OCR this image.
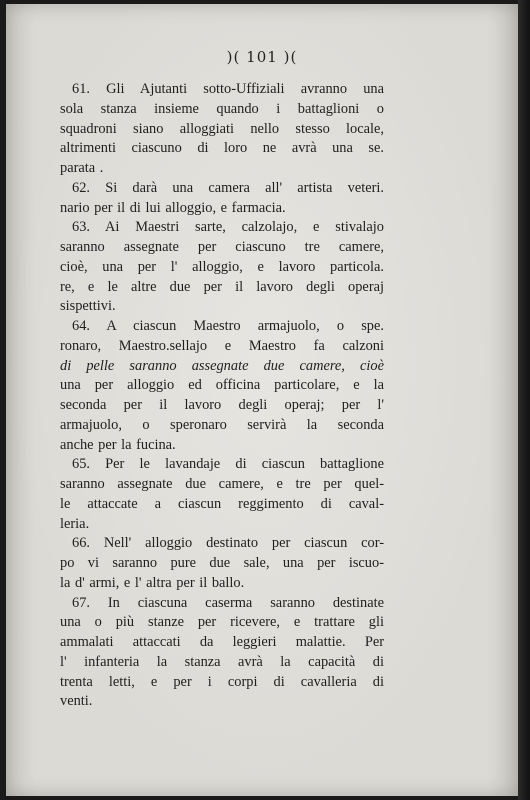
)( 101 )(
61. Gli Ajutanti sotto-Uffiziali avranno una
sola stanza insieme quando i battaglioni o
squadroni siano alloggiati nello stesso locale,
altrimenti ciascuno di loro ne avrà una se.
parata .
62. Si darà una camera all' artista veteri.
nario per il di lui alloggio, e farmacia.
63. Ai Maestri sarte, calzolajo, e stivalajo
saranno assegnate per ciascuno tre camere,
cioè, una per l' alloggio, e lavoro particola.
re, e le altre due per il lavoro degli operaj
sispettivi.
64. A ciascun Maestro armajuolo, o spe.
ronaro, Maestro.sellajo e Maestro fa calzoni
di pelle saranno assegnate due camere, cioè
una per alloggio ed officina particolare, e la
seconda per il lavoro degli operaj; per l'
armajuolo, o speronaro servirà la seconda
anche per la fucina.
65. Per le lavandaje di ciascun battaglione
saranno assegnate due camere, e tre per quel-
le attaccate a ciascun reggimento di caval-
leria.
66. Nell' alloggio destinato per ciascun cor-
po vi saranno pure due sale, una per iscuo-
la d' armi, e l' altra per il ballo.
67. In ciascuna caserma saranno destinate
una o più stanze per ricevere, e trattare gli
ammalati attaccati da leggieri malattie. Per
l' infanteria la stanza avrà la capacità di
trenta letti, e per i corpi di cavalleria di
venti.
